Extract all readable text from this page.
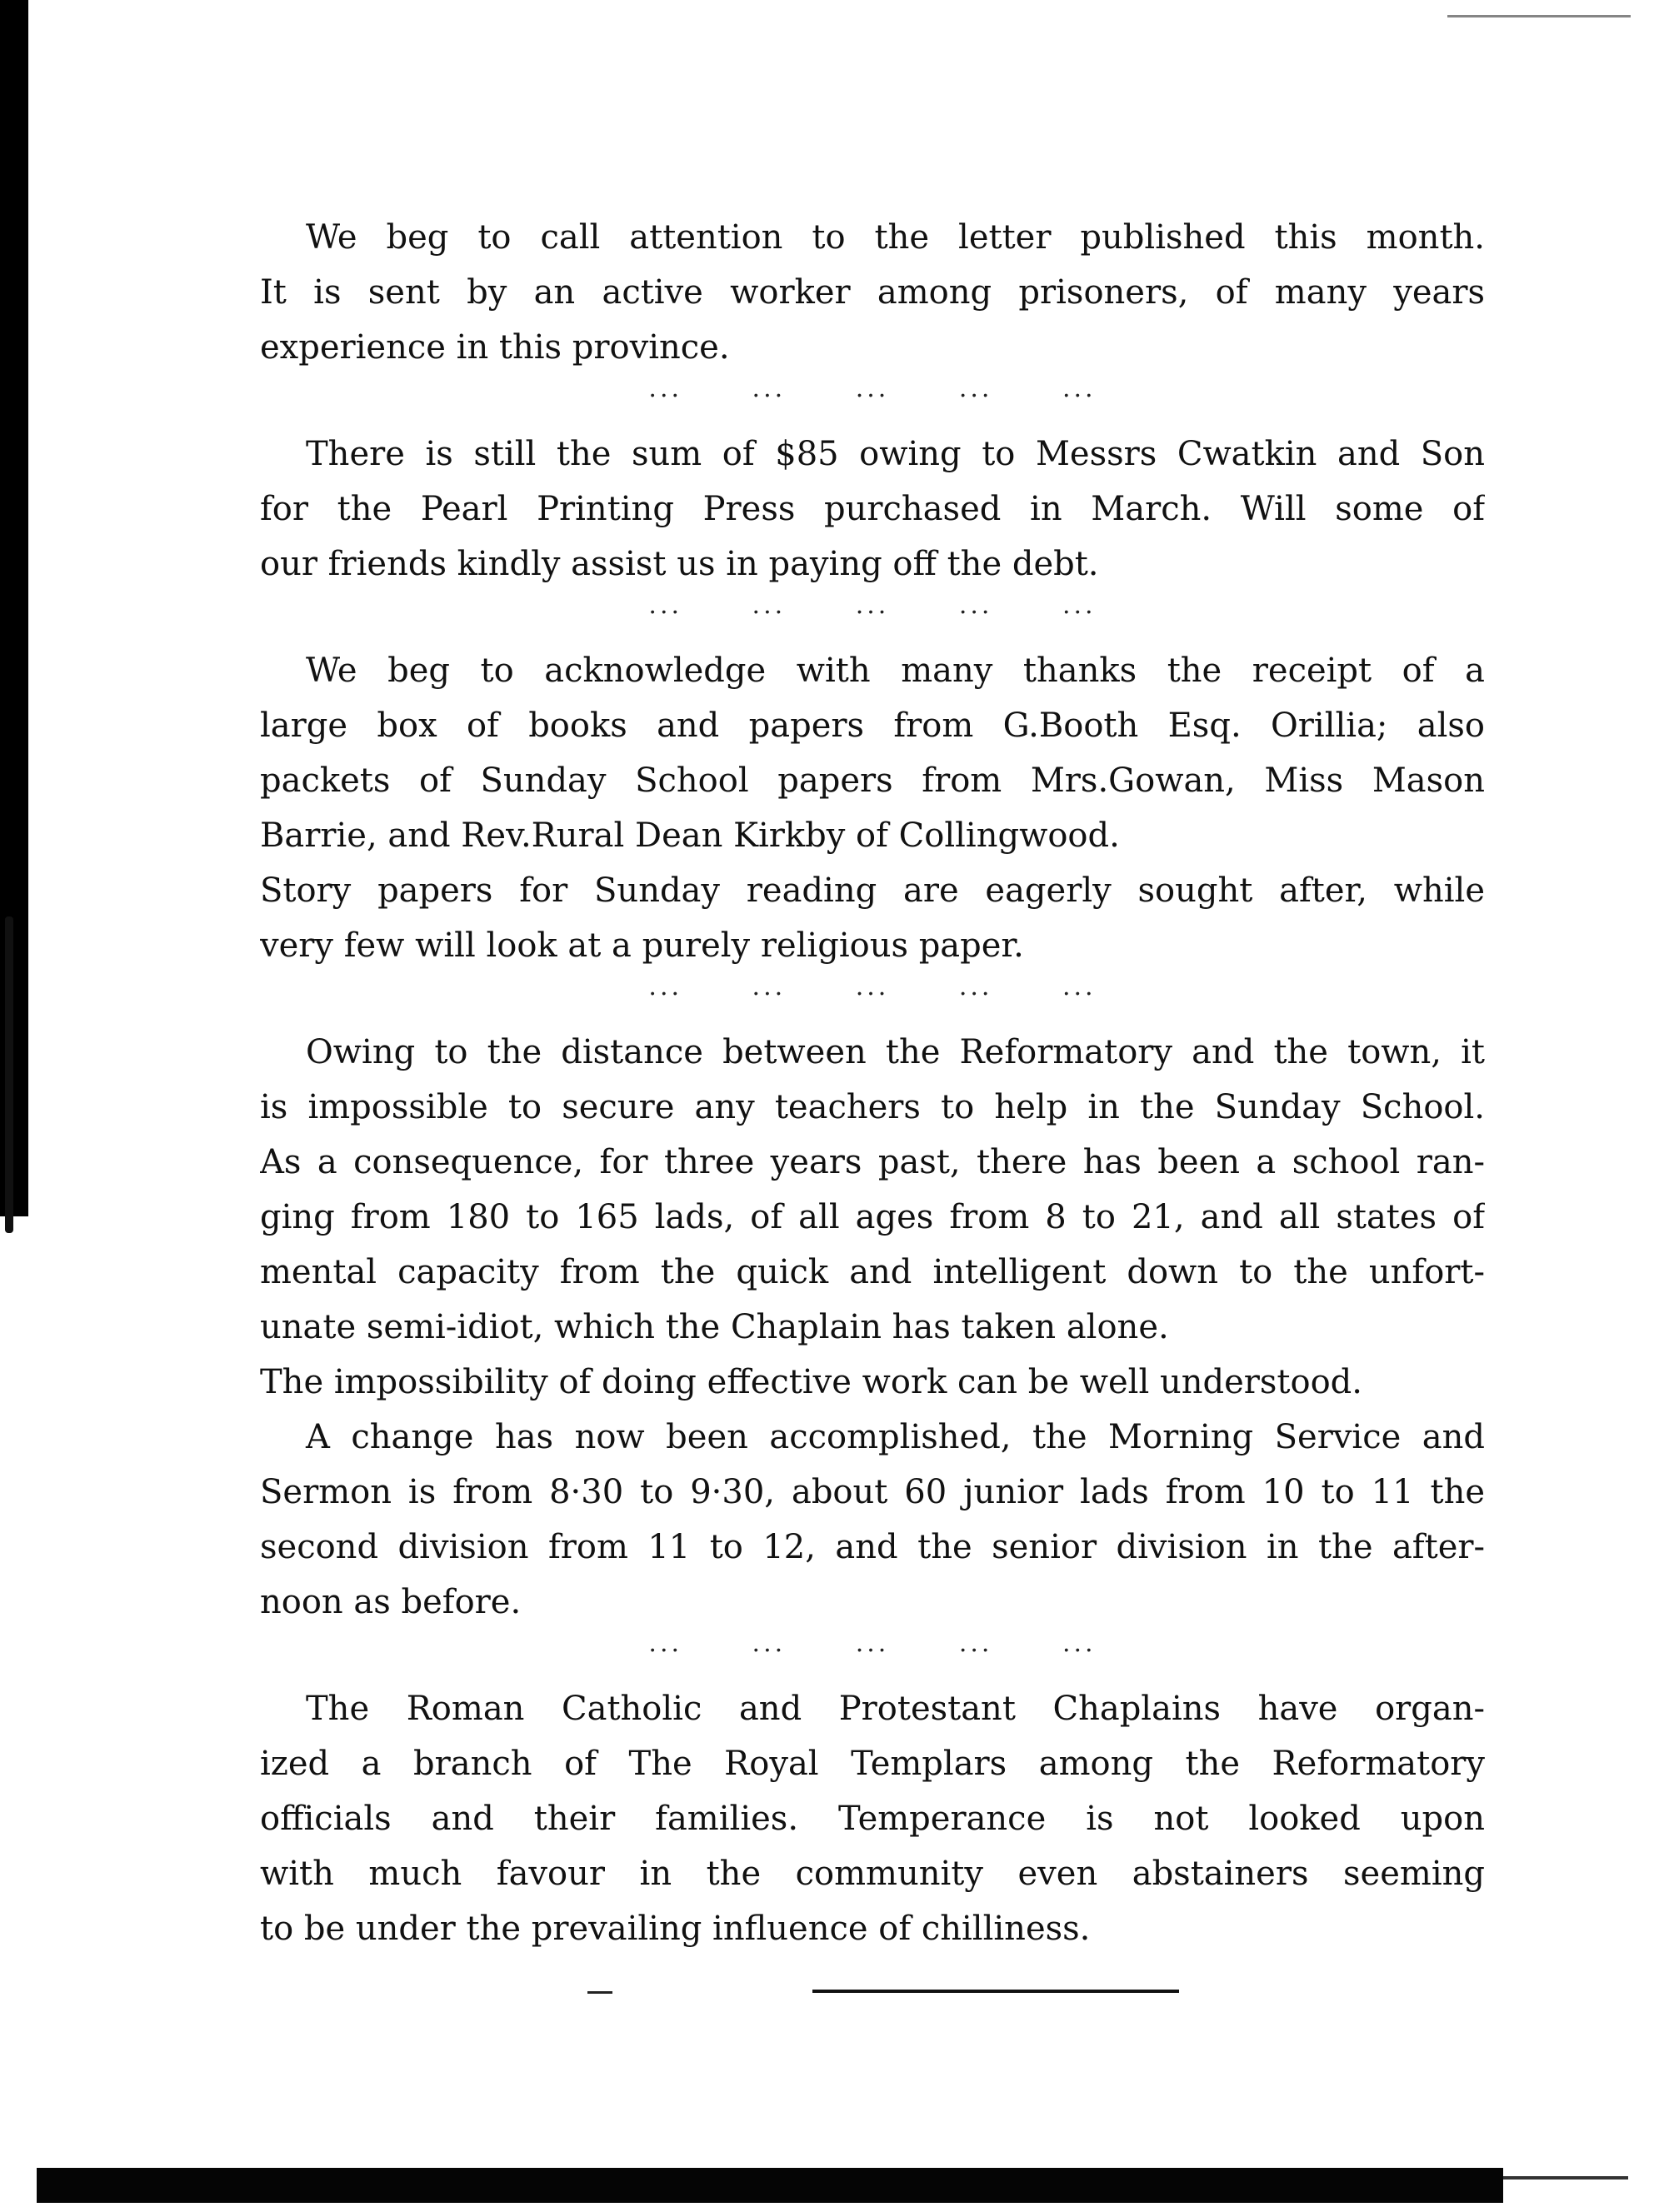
We beg to call attention to the letter published this month.
It is sent by an active worker among prisoners, of many years
experience in this province.

... ... ... ... ...

There is still the sum of $85 owing to Messrs Cwatkin and Son
for the Pearl Printing Press purchased in March. Will some of
our friends kindly assist us in paying off the debt.

... ... ... ... ...

We beg to acknowledge with many thanks the receipt of a
large box of books and papers from G.Booth Esq. Orillia; also
packets of Sunday School papers from Mrs.Gowan, Miss Mason
Barrie, and Rev.Rural Dean Kirkby of Collingwood.
Story papers for Sunday reading are eagerly sought after, while
very few will look at a purely religious paper.

... ... ... ... ...

Owing to the distance between the Reformatory and the town, it
is impossible to secure any teachers to help in the Sunday School.
As a consequence, for three years past, there has been a school ran-
ging from 180 to 165 lads, of all ages from 8 to 21, and all states of
mental capacity from the quick and intelligent down to the unfort-
unate semi-idiot, which the Chaplain has taken alone.
The impossibility of doing effective work can be well understood.
A change has now been accomplished, the Morning Service and
Sermon is from 8·30 to 9·30, about 60 junior lads from 10 to 11 the
second division from 11 to 12, and the senior division in the after-
noon as before.

... ... ... ... ...

The Roman Catholic and Protestant Chaplains have organ-
ized a branch of The Royal Templars among the Reformatory
officials and their families. Temperance is not looked upon
with much favour in the community even abstainers seeming
to be under the prevailing influence of chilliness.
